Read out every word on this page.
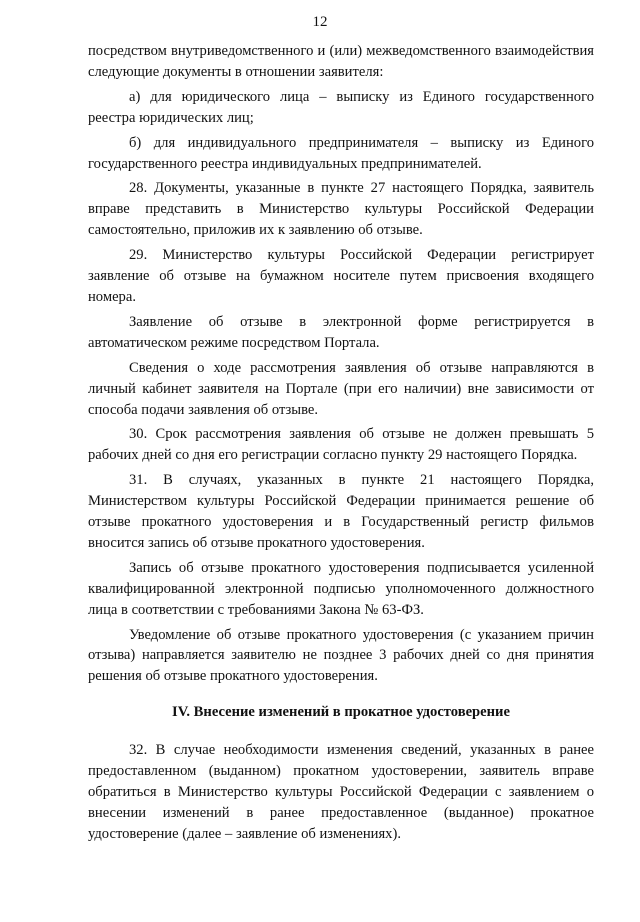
12

посредством внутриведомственного и (или) межведомственного взаимодействия следующие документы в отношении заявителя:

а) для юридического лица – выписку из Единого государственного реестра юридических лиц;

б) для индивидуального предпринимателя – выписку из Единого государственного реестра индивидуальных предпринимателей.

28. Документы, указанные в пункте 27 настоящего Порядка, заявитель вправе представить в Министерство культуры Российской Федерации самостоятельно, приложив их к заявлению об отзыве.

29. Министерство культуры Российской Федерации регистрирует заявление об отзыве на бумажном носителе путем присвоения входящего номера.

Заявление об отзыве в электронной форме регистрируется в автоматическом режиме посредством Портала.

Сведения о ходе рассмотрения заявления об отзыве направляются в личный кабинет заявителя на Портале (при его наличии) вне зависимости от способа подачи заявления об отзыве.

30. Срок рассмотрения заявления об отзыве не должен превышать 5 рабочих дней со дня его регистрации согласно пункту 29 настоящего Порядка.

31. В случаях, указанных в пункте 21 настоящего Порядка, Министерством культуры Российской Федерации принимается решение об отзыве прокатного удостоверения и в Государственный регистр фильмов вносится запись об отзыве прокатного удостоверения.

Запись об отзыве прокатного удостоверения подписывается усиленной квалифицированной электронной подписью уполномоченного должностного лица в соответствии с требованиями Закона № 63-ФЗ.

Уведомление об отзыве прокатного удостоверения (с указанием причин отзыва) направляется заявителю не позднее 3 рабочих дней со дня принятия решения об отзыве прокатного удостоверения.

IV. Внесение изменений в прокатное удостоверение

32. В случае необходимости изменения сведений, указанных в ранее предоставленном (выданном) прокатном удостоверении, заявитель вправе обратиться в Министерство культуры Российской Федерации с заявлением о внесении изменений в ранее предоставленное (выданное) прокатное удостоверение (далее – заявление об изменениях).
